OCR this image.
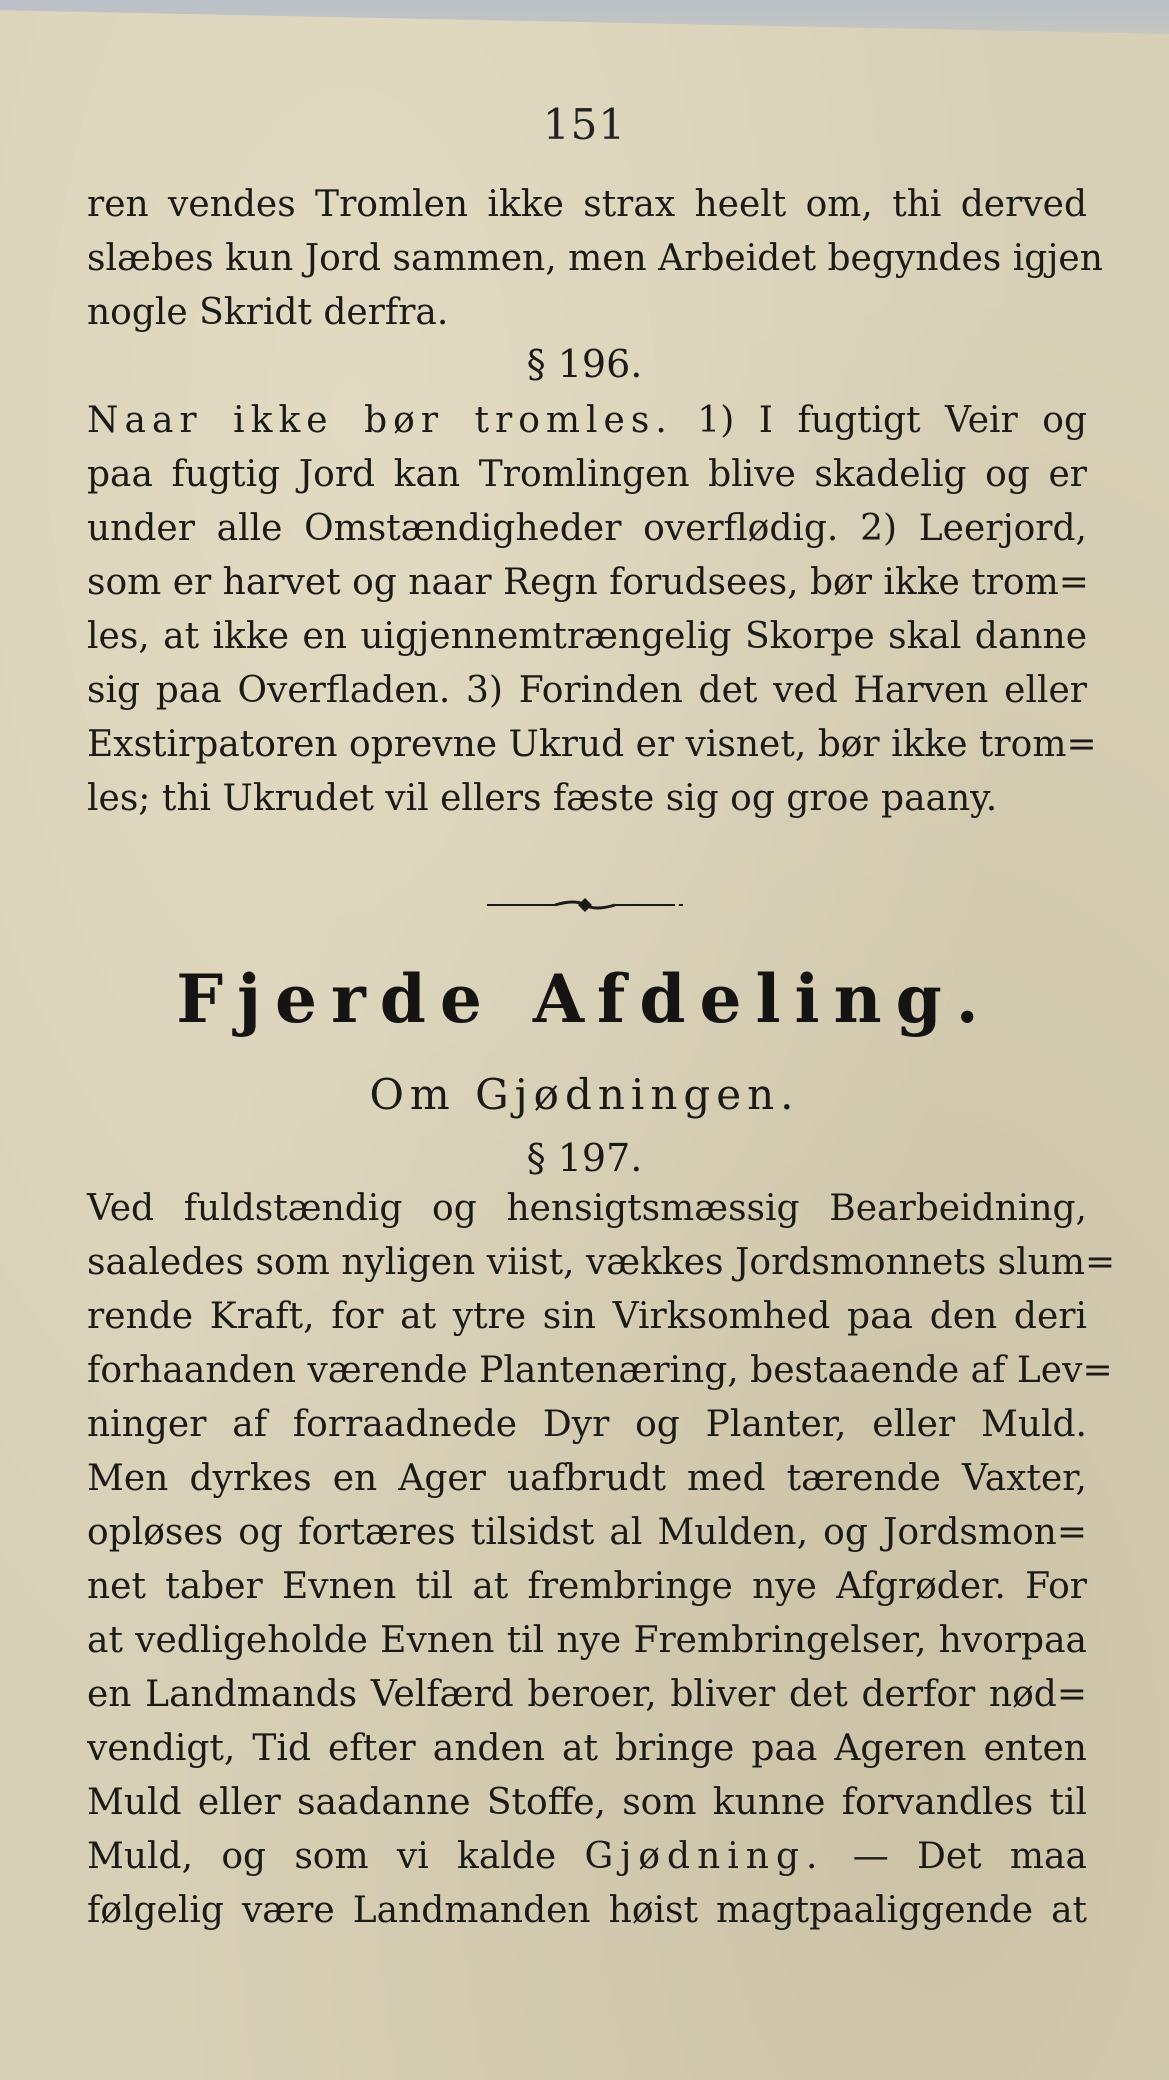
151
ren vendes Tromlen ikke strax heelt om, thi derved
slæbes kun Jord sammen, men Arbeidet begyndes igjen
nogle Skridt derfra.
§ 196.
Naar ikke bør tromles. 1) I fugtigt Veir og
paa fugtig Jord kan Tromlingen blive skadelig og er
under alle Omstændigheder overflødig. 2) Leerjord,
som er harvet og naar Regn forudsees, bør ikke trom=
les, at ikke en uigjennemtrængelig Skorpe skal danne
sig paa Overfladen. 3) Forinden det ved Harven eller
Exstirpatoren oprevne Ukrud er visnet, bør ikke trom=
les; thi Ukrudet vil ellers fæste sig og groe paany.
Fjerde Afdeling.
Om Gjødningen.
§ 197.
Ved fuldstændig og hensigtsmæssig Bearbeidning,
saaledes som nyligen viist, vækkes Jordsmonnets slum=
rende Kraft, for at ytre sin Virksomhed paa den deri
forhaanden værende Plantenæring, bestaaende af Lev=
ninger af forraadnede Dyr og Planter, eller Muld.
Men dyrkes en Ager uafbrudt med tærende Vaxter,
opløses og fortæres tilsidst al Mulden, og Jordsmon=
net taber Evnen til at frembringe nye Afgrøder. For
at vedligeholde Evnen til nye Frembringelser, hvorpaa
en Landmands Velfærd beroer, bliver det derfor nød=
vendigt, Tid efter anden at bringe paa Ageren enten
Muld eller saadanne Stoffe, som kunne forvandles til
Muld, og som vi kalde Gjødning. — Det maa
følgelig være Landmanden høist magtpaaliggende at
